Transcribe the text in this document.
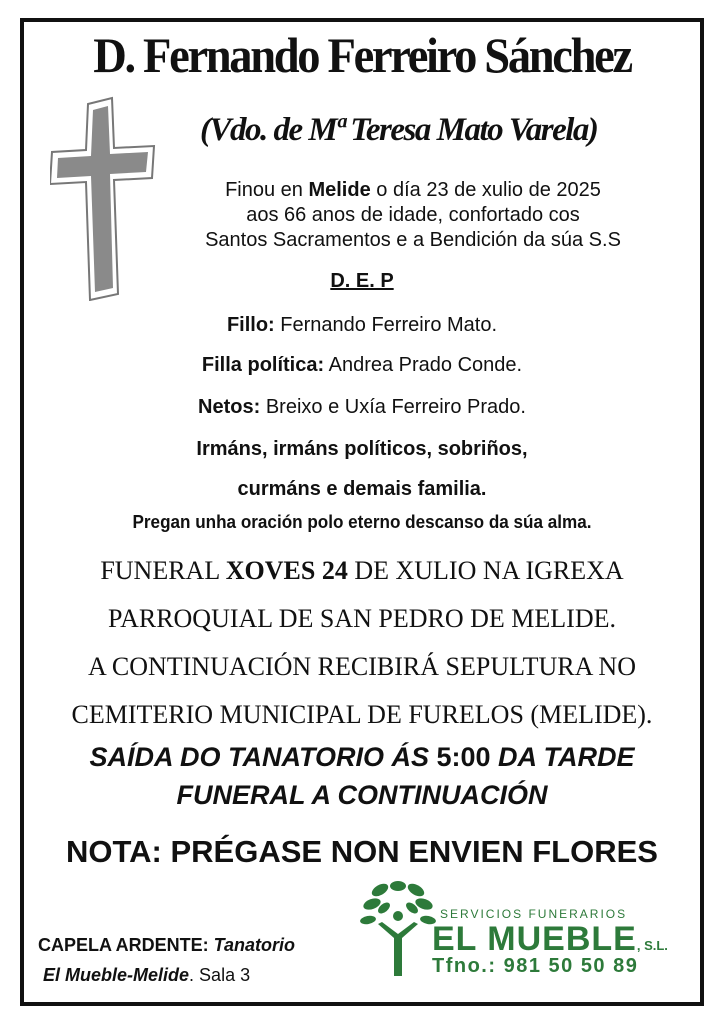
D. Fernando Ferreiro Sánchez
(Vdo. de Mª Teresa Mato Varela)
Finou en Melide o día 23 de xulio de 2025
aos 66 anos de idade, confortado cos
Santos Sacramentos e a Bendición da súa S.S
D. E. P
Fillo: Fernando Ferreiro Mato.
Filla política: Andrea Prado Conde.
Netos: Breixo e Uxía Ferreiro Prado.
Irmáns, irmáns políticos, sobriños,
curmáns e demais familia.
Pregan unha oración polo eterno descanso da súa alma.
FUNERAL XOVES 24 DE XULIO NA IGREXA
PARROQUIAL DE SAN PEDRO DE MELIDE.
A CONTINUACIÓN RECIBIRÁ SEPULTURA NO
CEMITERIO MUNICIPAL DE FURELOS (MELIDE).
SAÍDA DO TANATORIO ÁS 5:00 DA TARDE
FUNERAL A CONTINUACIÓN
NOTA: PRÉGASE NON ENVIEN FLORES
CAPELA ARDENTE: Tanatorio
El Mueble-Melide. Sala 3
SERVICIOS FUNERARIOS
EL MUEBLE, S.L.
Tfno.: 981 50 50 89
